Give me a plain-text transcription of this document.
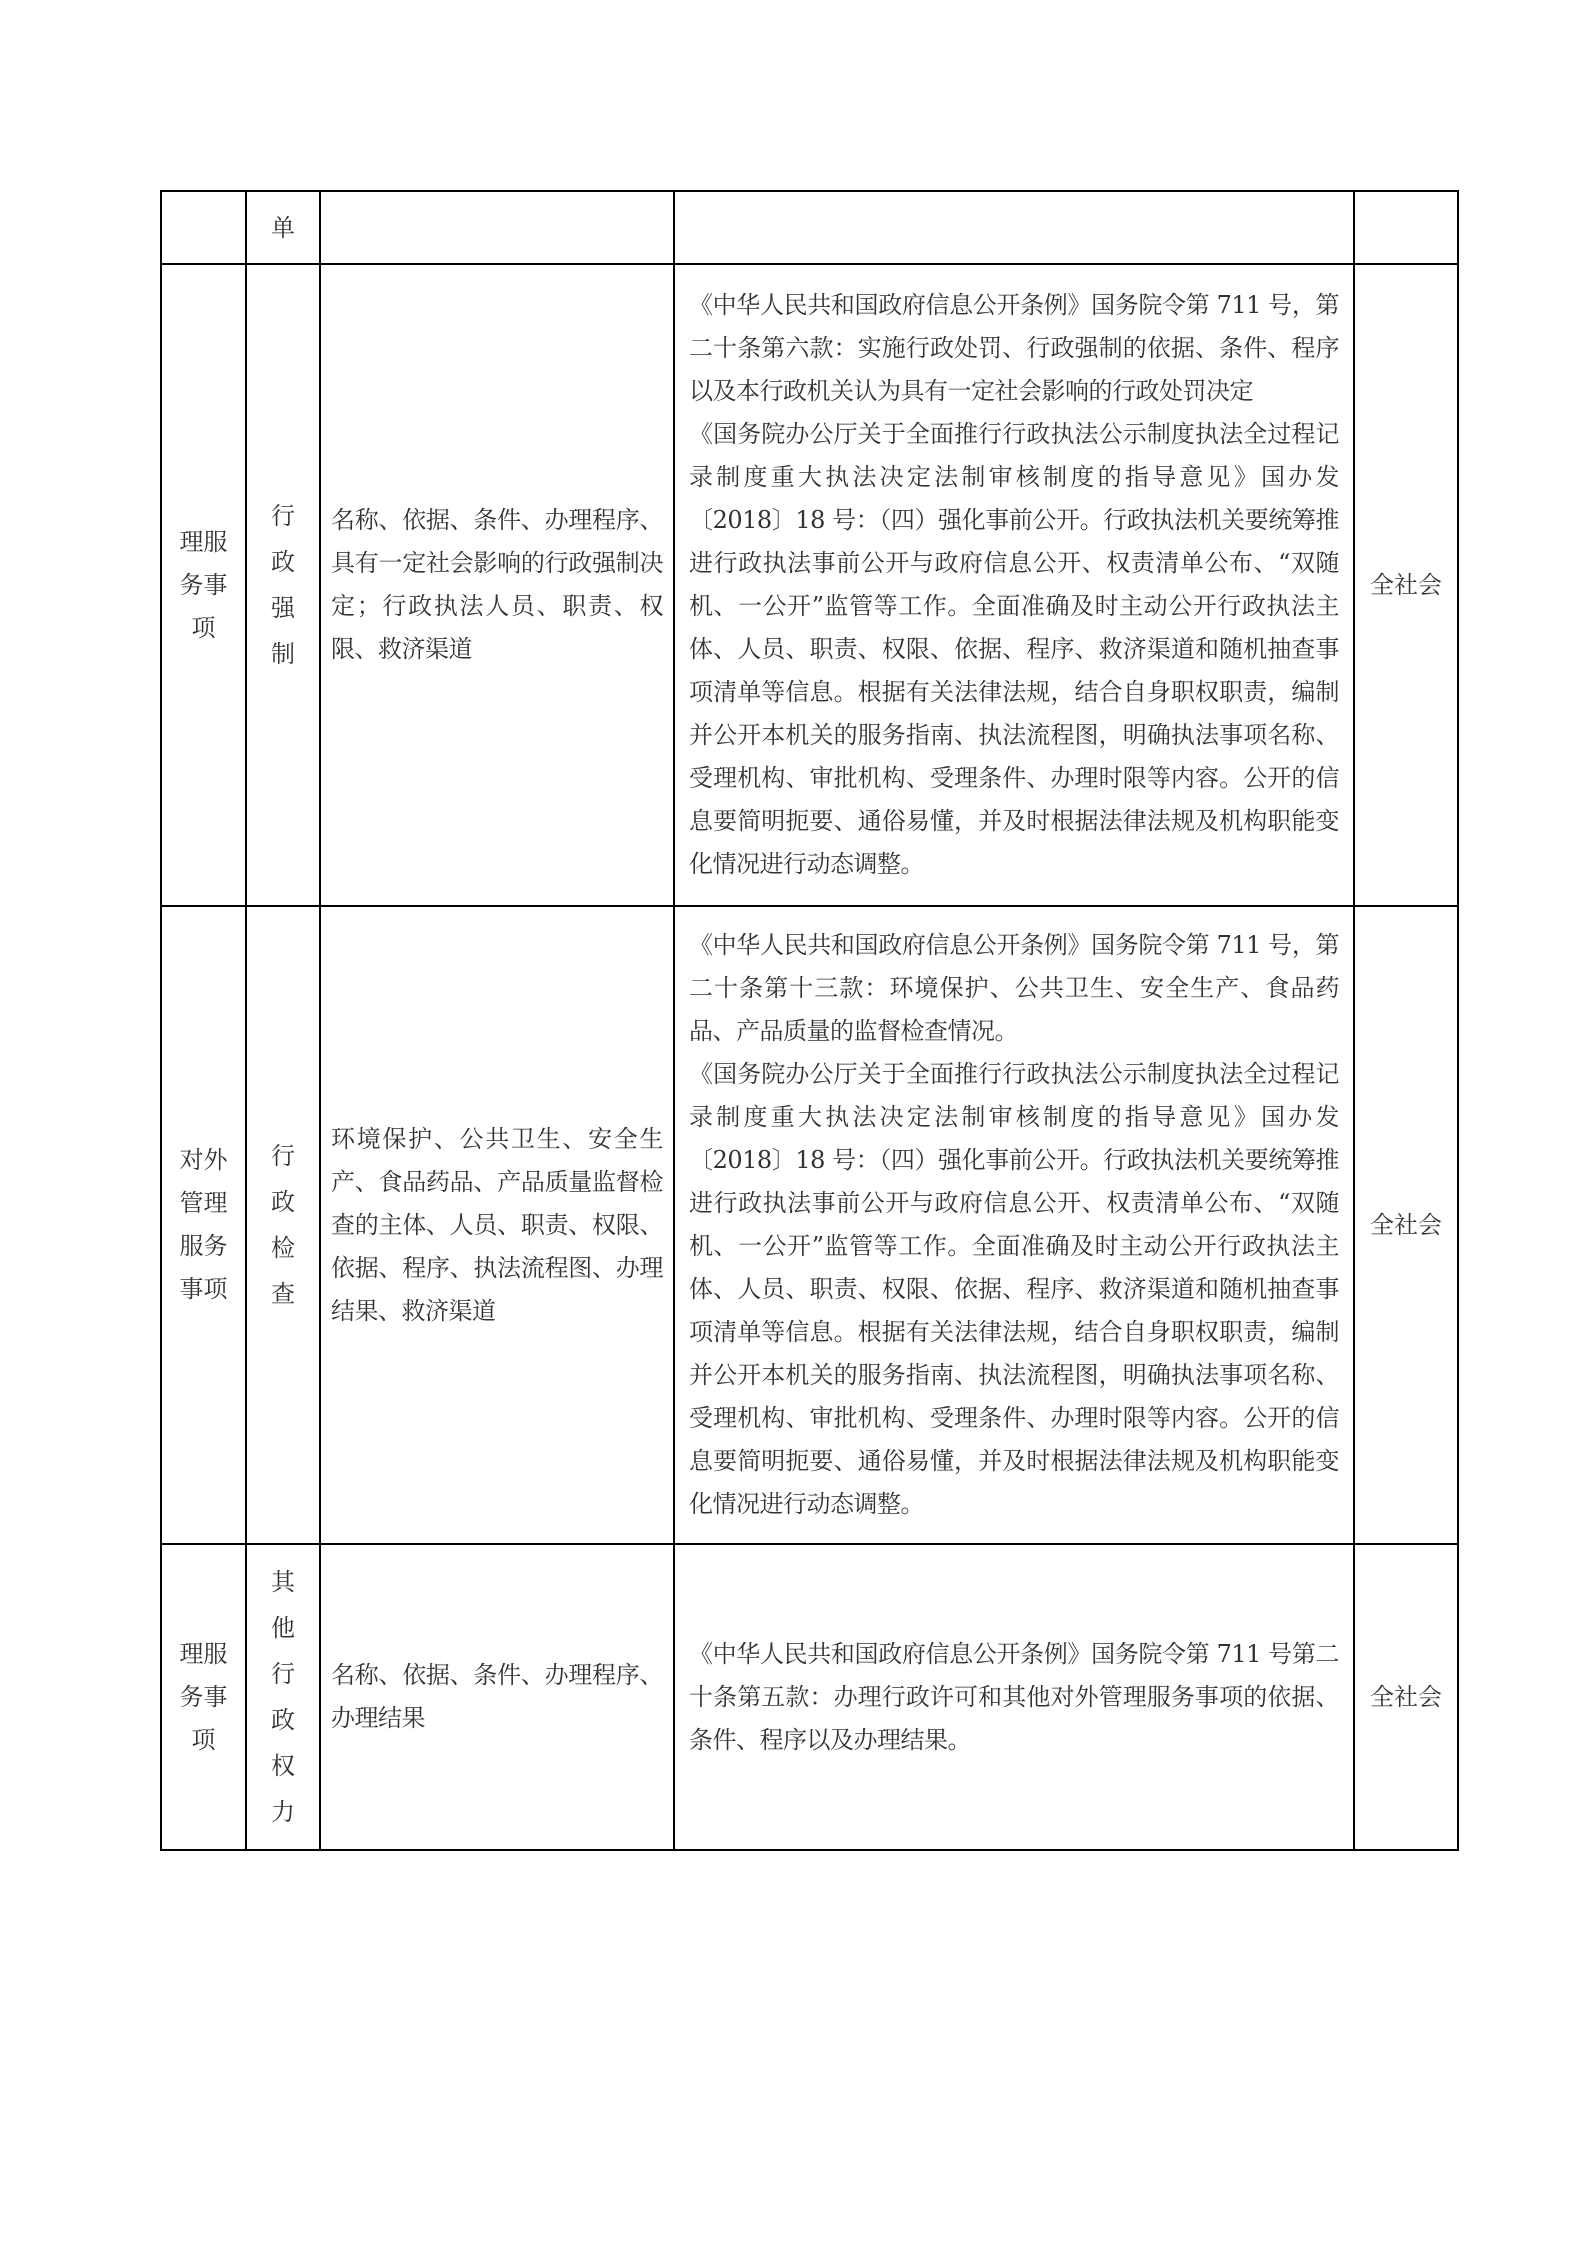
	单			
理服务事项	行政强制	名称、依据、条件、办理程序、具有一定社会影响的行政强制决定；行政执法人员、职责、权限、救济渠道	《中华人民共和国政府信息公开条例》国务院令第 711 号，第二十条第六款：实施行政处罚、行政强制的依据、条件、程序以及本行政机关认为具有一定社会影响的行政处罚决定
《国务院办公厅关于全面推行行政执法公示制度执法全过程记录制度重大执法决定法制审核制度的指导意见》国办发〔2018〕18 号：（四）强化事前公开。行政执法机关要统筹推进行政执法事前公开与政府信息公开、权责清单公布、“双随机、一公开”监管等工作。全面准确及时主动公开行政执法主体、人员、职责、权限、依据、程序、救济渠道和随机抽查事项清单等信息。根据有关法律法规，结合自身职权职责，编制并公开本机关的服务指南、执法流程图，明确执法事项名称、受理机构、审批机构、受理条件、办理时限等内容。公开的信息要简明扼要、通俗易懂，并及时根据法律法规及机构职能变化情况进行动态调整。	全社会
对外管理服务事项	行政检查	环境保护、公共卫生、安全生产、食品药品、产品质量监督检查的主体、人员、职责、权限、依据、程序、执法流程图、办理结果、救济渠道	《中华人民共和国政府信息公开条例》国务院令第 711 号，第二十条第十三款：环境保护、公共卫生、安全生产、食品药品、产品质量的监督检查情况。
《国务院办公厅关于全面推行行政执法公示制度执法全过程记录制度重大执法决定法制审核制度的指导意见》国办发〔2018〕18 号：（四）强化事前公开。行政执法机关要统筹推进行政执法事前公开与政府信息公开、权责清单公布、“双随机、一公开”监管等工作。全面准确及时主动公开行政执法主体、人员、职责、权限、依据、程序、救济渠道和随机抽查事项清单等信息。根据有关法律法规，结合自身职权职责，编制并公开本机关的服务指南、执法流程图，明确执法事项名称、受理机构、审批机构、受理条件、办理时限等内容。公开的信息要简明扼要、通俗易懂，并及时根据法律法规及机构职能变化情况进行动态调整。	全社会
理服务事项	其他行政权力	名称、依据、条件、办理程序、办理结果	《中华人民共和国政府信息公开条例》国务院令第 711 号第二十条第五款：办理行政许可和其他对外管理服务事项的依据、条件、程序以及办理结果。	全社会
